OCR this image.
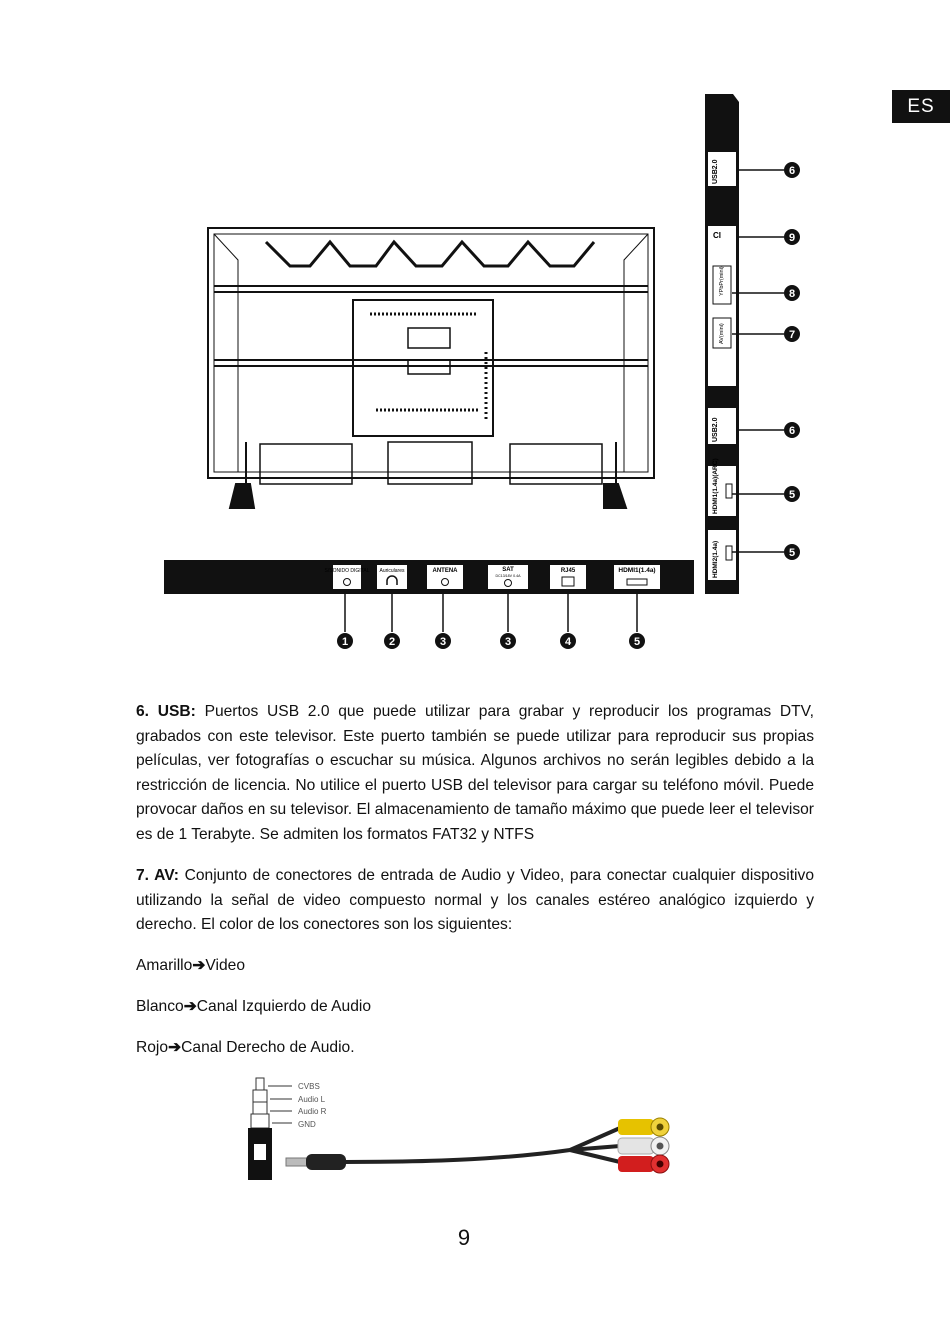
ES
S/SONIDO DIGITAL Auriculares	ANTENA	SAT
DC13/18V 0.4A
RJ45	HDMI1(1.4a)
1	2	3	3	4	5
USB2.0
CI
YPbPr(mini)
AV(mini)
USB2.0
HDMI1(1.4a)(ARC)
HDMI2(1.4a)
6
9
8
7
6
5
5
6. USB: Puertos USB 2.0 que puede utilizar para grabar y reproducir los programas DTV, grabados con este televisor. Este puerto también se puede utilizar para reproducir sus propias películas, ver fotografías o escuchar su música. Algunos archivos no serán legibles debido a la restricción de licencia. No utilice el puerto USB del televisor para cargar su teléfono móvil. Puede provocar daños en su televisor. El almacenamiento de tamaño máximo que puede leer el televisor es de 1 Terabyte. Se admiten los formatos FAT32 y NTFS
7. AV: Conjunto de conectores de entrada de Audio y Video, para conectar cualquier dispositivo utilizando la señal de video compuesto normal y los canales estéreo analógico izquierdo y derecho. El color de los conectores son los siguientes:
Amarillo➔Video
Blanco➔Canal Izquierdo de Audio
Rojo➔Canal Derecho de Audio.
CVBS
Audio L
Audio R
GND
9
